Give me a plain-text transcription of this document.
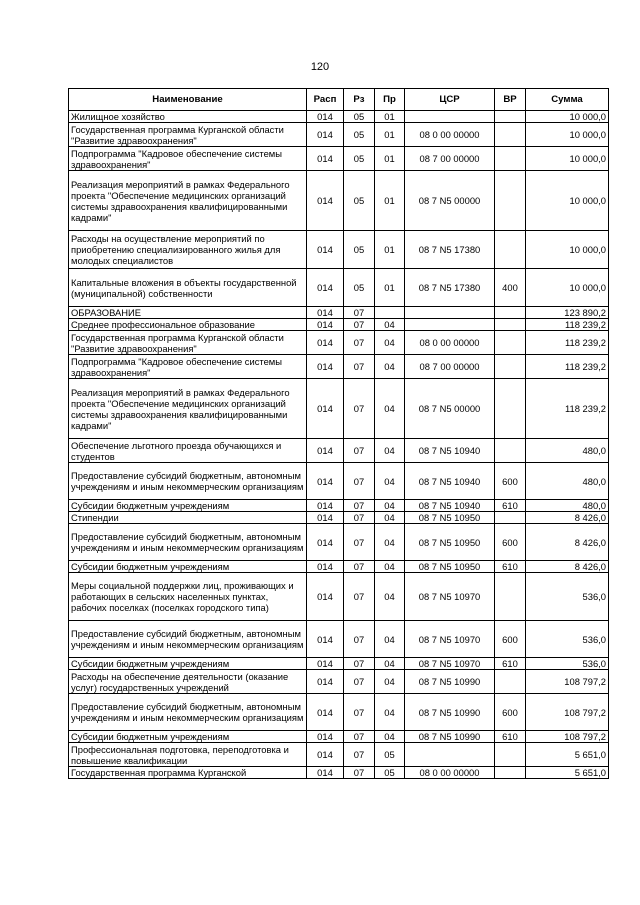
120
Наименование	Расп	Рз	Пр	ЦСР	ВР	Сумма
Жилищное хозяйство	014	05	01			10 000,0
Государственная программа Курганской области "Развитие здравоохранения"	014	05	01	08 0 00 00000		10 000,0
Подпрограмма "Кадровое обеспечение системы здравоохранения"	014	05	01	08 7 00 00000		10 000,0
Реализация мероприятий в рамках Федерального проекта "Обеспечение медицинских организаций системы здравоохранения квалифицированными кадрами"	014	05	01	08 7 N5 00000		10 000,0
Расходы на осуществление мероприятий по приобретению специализированного жилья для молодых специалистов	014	05	01	08 7 N5 17380		10 000,0
Капитальные вложения в объекты государственной (муниципальной) собственности	014	05	01	08 7 N5 17380	400	10 000,0
ОБРАЗОВАНИЕ	014	07				123 890,2
Среднее профессиональное образование	014	07	04			118 239,2
Государственная программа Курганской области "Развитие здравоохранения"	014	07	04	08 0 00 00000		118 239,2
Подпрограмма "Кадровое обеспечение системы здравоохранения"	014	07	04	08 7 00 00000		118 239,2
Реализация мероприятий в рамках Федерального проекта "Обеспечение медицинских организаций системы здравоохранения квалифицированными кадрами"	014	07	04	08 7 N5 00000		118 239,2
Обеспечение льготного проезда обучающихся и студентов	014	07	04	08 7 N5 10940		480,0
Предоставление субсидий бюджетным, автономным учреждениям и иным некоммерческим организациям	014	07	04	08 7 N5 10940	600	480,0
Субсидии бюджетным учреждениям	014	07	04	08 7 N5 10940	610	480,0
Стипендии	014	07	04	08 7 N5 10950		8 426,0
Предоставление субсидий бюджетным, автономным учреждениям и иным некоммерческим организациям	014	07	04	08 7 N5 10950	600	8 426,0
Субсидии бюджетным учреждениям	014	07	04	08 7 N5 10950	610	8 426,0
Меры социальной поддержки лиц, проживающих и работающих в сельских населенных пунктах, рабочих поселках (поселках городского типа)	014	07	04	08 7 N5 10970		536,0
Предоставление субсидий бюджетным, автономным учреждениям и иным некоммерческим организациям	014	07	04	08 7 N5 10970	600	536,0
Субсидии бюджетным учреждениям	014	07	04	08 7 N5 10970	610	536,0
Расходы на обеспечение деятельности (оказание услуг) государственных учреждений	014	07	04	08 7 N5 10990		108 797,2
Предоставление субсидий бюджетным, автономным учреждениям и иным некоммерческим организациям	014	07	04	08 7 N5 10990	600	108 797,2
Субсидии бюджетным учреждениям	014	07	04	08 7 N5 10990	610	108 797,2
Профессиональная подготовка, переподготовка и повышение квалификации	014	07	05			5 651,0
Государственная программа Курганской	014	07	05	08 0 00 00000		5 651,0
